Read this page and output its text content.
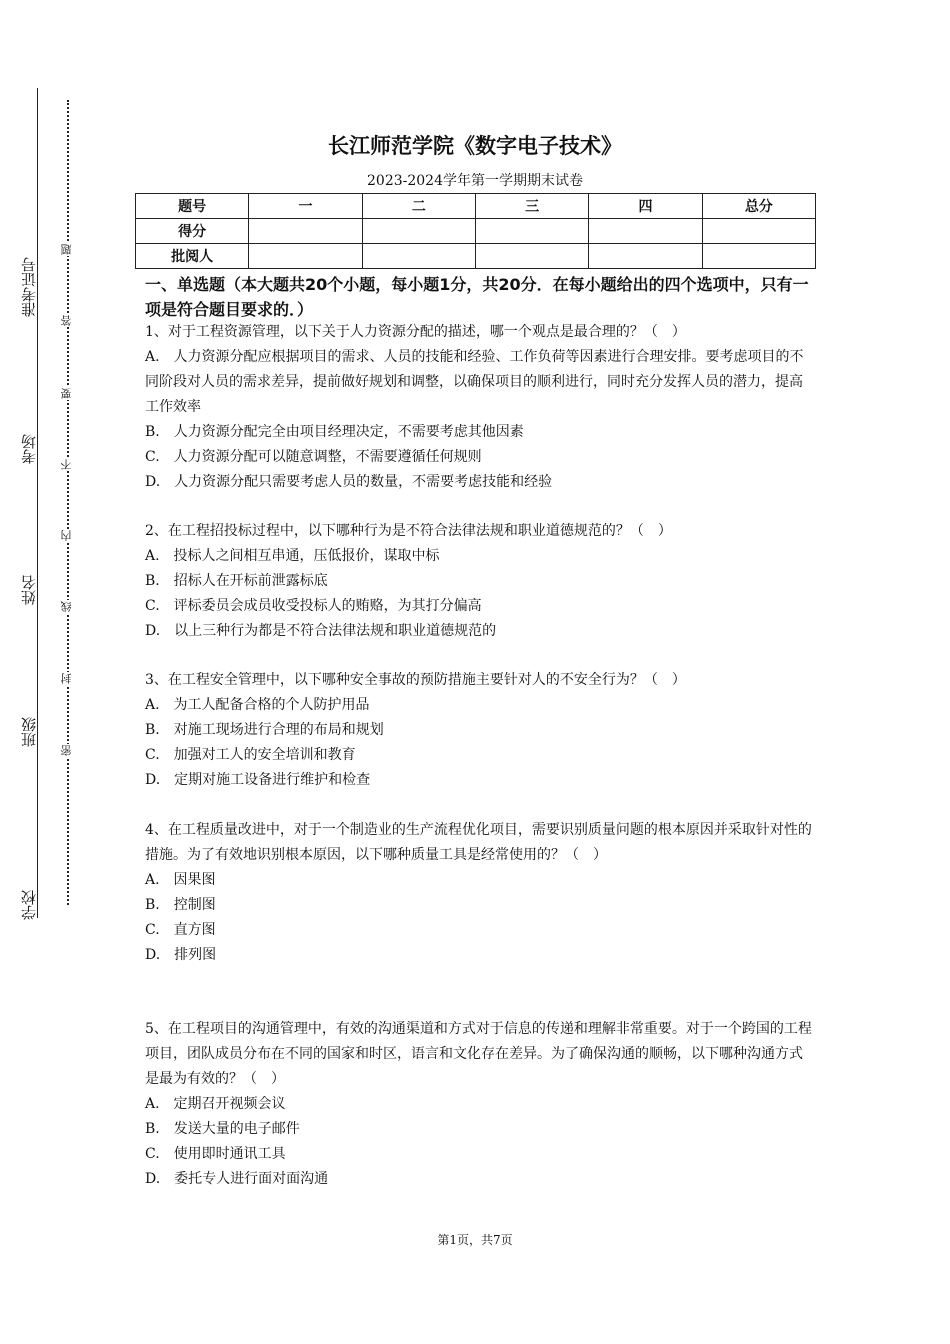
准考证号
考场
姓名
班级
学校
题
答
要
不
内
线
封
密
长江师范学院《数字电子技术》
2023-2024学年第一学期期末试卷
题号	一	二	三	四	总分
得分					
批阅人					
一、单选题（本大题共20个小题，每小题1分，共20分．在每小题给出的四个选项中，只有一项是符合题目要求的．）

1、对于工程资源管理，以下关于人力资源分配的描述，哪一个观点是最合理的？（　）

A.　人力资源分配应根据项目的需求、人员的技能和经验、工作负荷等因素进行合理安排。要考虑项目的不同阶段对人员的需求差异，提前做好规划和调整，以确保项目的顺利进行，同时充分发挥人员的潜力，提高工作效率

B.　人力资源分配完全由项目经理决定，不需要考虑其他因素

C.　人力资源分配可以随意调整，不需要遵循任何规则

D.　人力资源分配只需要考虑人员的数量，不需要考虑技能和经验

2、在工程招投标过程中，以下哪种行为是不符合法律法规和职业道德规范的？（　）

A.　投标人之间相互串通，压低报价，谋取中标

B.　招标人在开标前泄露标底

C.　评标委员会成员收受投标人的贿赂，为其打分偏高

D.　以上三种行为都是不符合法律法规和职业道德规范的

3、在工程安全管理中，以下哪种安全事故的预防措施主要针对人的不安全行为？（　）

A.　为工人配备合格的个人防护用品

B.　对施工现场进行合理的布局和规划

C.　加强对工人的安全培训和教育

D.　定期对施工设备进行维护和检查

4、在工程质量改进中，对于一个制造业的生产流程优化项目，需要识别质量问题的根本原因并采取针对性的措施。为了有效地识别根本原因，以下哪种质量工具是经常使用的？（　）

A.　因果图

B.　控制图

C.　直方图

D.　排列图

5、在工程项目的沟通管理中，有效的沟通渠道和方式对于信息的传递和理解非常重要。对于一个跨国的工程项目，团队成员分布在不同的国家和时区，语言和文化存在差异。为了确保沟通的顺畅，以下哪种沟通方式是最为有效的？（　）

A.　定期召开视频会议

B.　发送大量的电子邮件

C.　使用即时通讯工具

D.　委托专人进行面对面沟通

第1页，共7页
